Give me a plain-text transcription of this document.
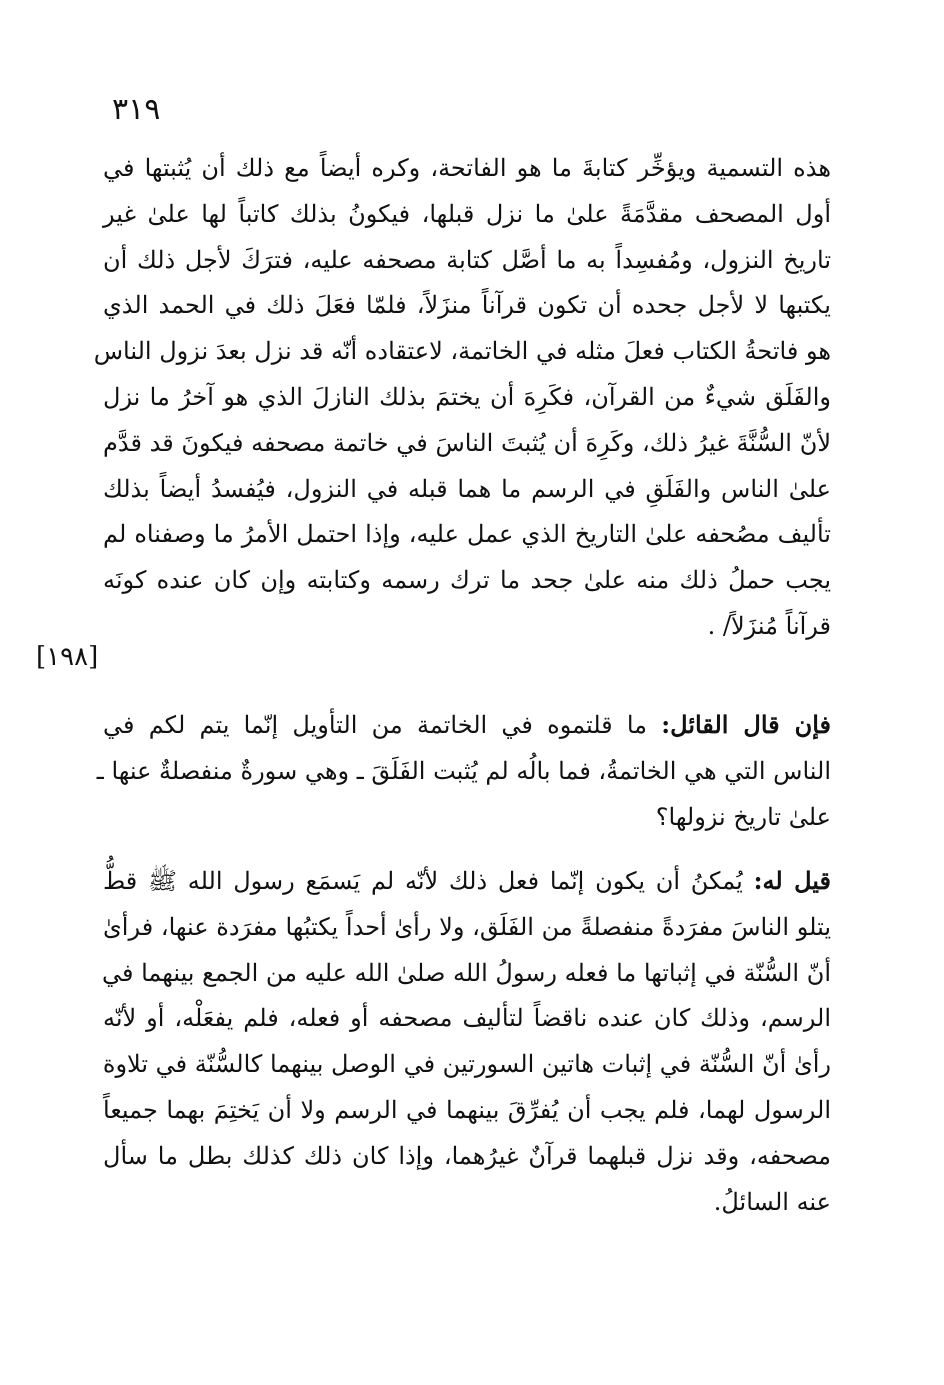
٣١٩
[١٩٨]
هذه التسمية ويؤخِّر كتابةَ ما هو الفاتحة، وكره أيضاً مع ذلك أن يُثبتها في
أول المصحف مقدَّمَةً علىٰ ما نزل قبلها، فيكونُ بذلك كاتباً لها علىٰ غير
تاريخ النزول، ومُفسِداً به ما أصَّل كتابة مصحفه عليه، فترَكَ لأجل ذلك أن
يكتبها لا لأجل جحده أن تكون قرآناً منزَلاً، فلمّا فعَلَ ذلك في الحمد الذي
هو فاتحةُ الكتاب فعلَ مثله في الخاتمة، لاعتقاده أنّه قد نزل بعدَ نزول الناس
والفَلَق شيءٌ من القرآن، فكَرِهَ أن يختمَ بذلك النازلَ الذي هو آخرُ ما نزل
لأنّ السُّنَّةَ غيرُ ذلك، وكَرِهَ أن يُثبتَ الناسَ في خاتمة مصحفه فيكونَ قد قدَّم
علىٰ الناس والفَلَقِ في الرسم ما هما قبله في النزول، فيُفسدُ أيضاً بذلك
تأليف مصُحفه علىٰ التاريخ الذي عمل عليه، وإذا احتمل الأمرُ ما وصفناه لم
يجب حملُ ذلك منه علىٰ جحد ما ترك رسمه وكتابته وإن كان عنده كونَه
قرآناً مُنزَلاً/ .
فإن قال القائل: ما قلتموه في الخاتمة من التأويل إنّما يتم لكم في
الناس التي هي الخاتمةُ، فما بالُه لم يُثبت الفَلَقَ ـ وهي سورةٌ منفصلةٌ عنها ـ
علىٰ تاريخ نزولها؟
قيل له: يُمكنُ أن يكون إنّما فعل ذلك لأنّه لم يَسمَع رسول الله ﷺ قطُّ
يتلو الناسَ مفرَدةً منفصلةً من الفَلَق، ولا رأىٰ أحداً يكتبُها مفرَدة عنها، فرأىٰ
أنّ السُّنّة في إثباتها ما فعله رسولُ الله صلىٰ الله عليه من الجمع بينهما في
الرسم، وذلك كان عنده ناقضاً لتأليف مصحفه أو فعله، فلم يفعَلْه، أو لأنّه
رأىٰ أنّ السُّنّة في إثبات هاتين السورتين في الوصل بينهما كالسُّنّة في تلاوة
الرسول لهما، فلم يجب أن يُفرِّقَ بينهما في الرسم ولا أن يَختِمَ بهما جميعاً
مصحفه، وقد نزل قبلهما قرآنٌ غيرُهما، وإذا كان ذلك كذلك بطل ما سأل
عنه السائلُ.
